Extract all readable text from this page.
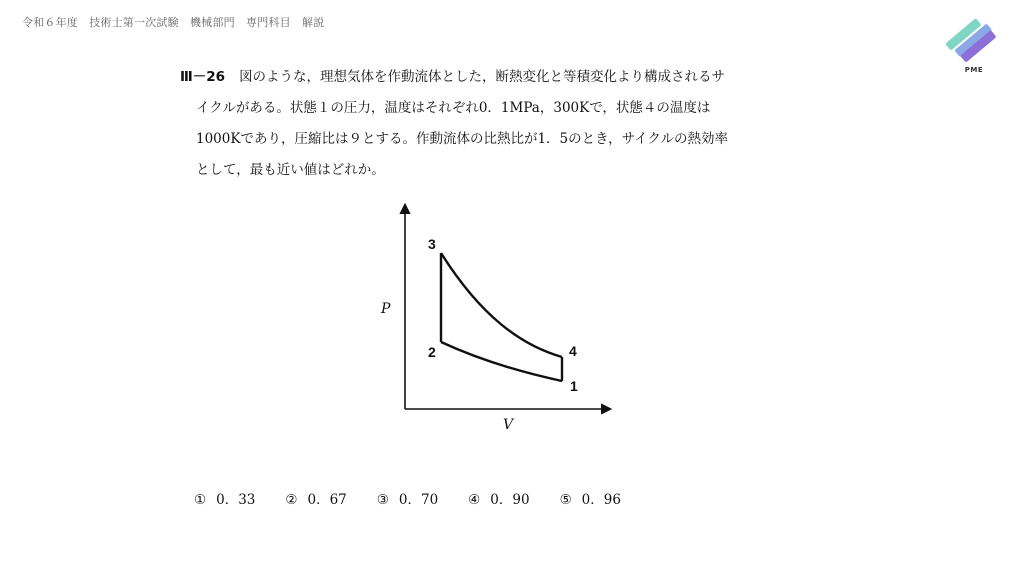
令和６年度　技術士第一次試験　機械部門　専門科目　解説
PME
Ⅲ－26 図のような，理想気体を作動流体とした，断熱変化と等積変化より構成されるサ
イクルがある。状態１の圧力，温度はそれぞれ0．1MPa，300Kで，状態４の温度は
1000Kであり，圧縮比は９とする。作動流体の比熱比が1．5のとき，サイクルの熱効率
として，最も近い値はどれか。
P
V
3
2	4
1
① 0．33 ② 0．67 ③ 0．70 ④ 0．90 ⑤ 0．96
